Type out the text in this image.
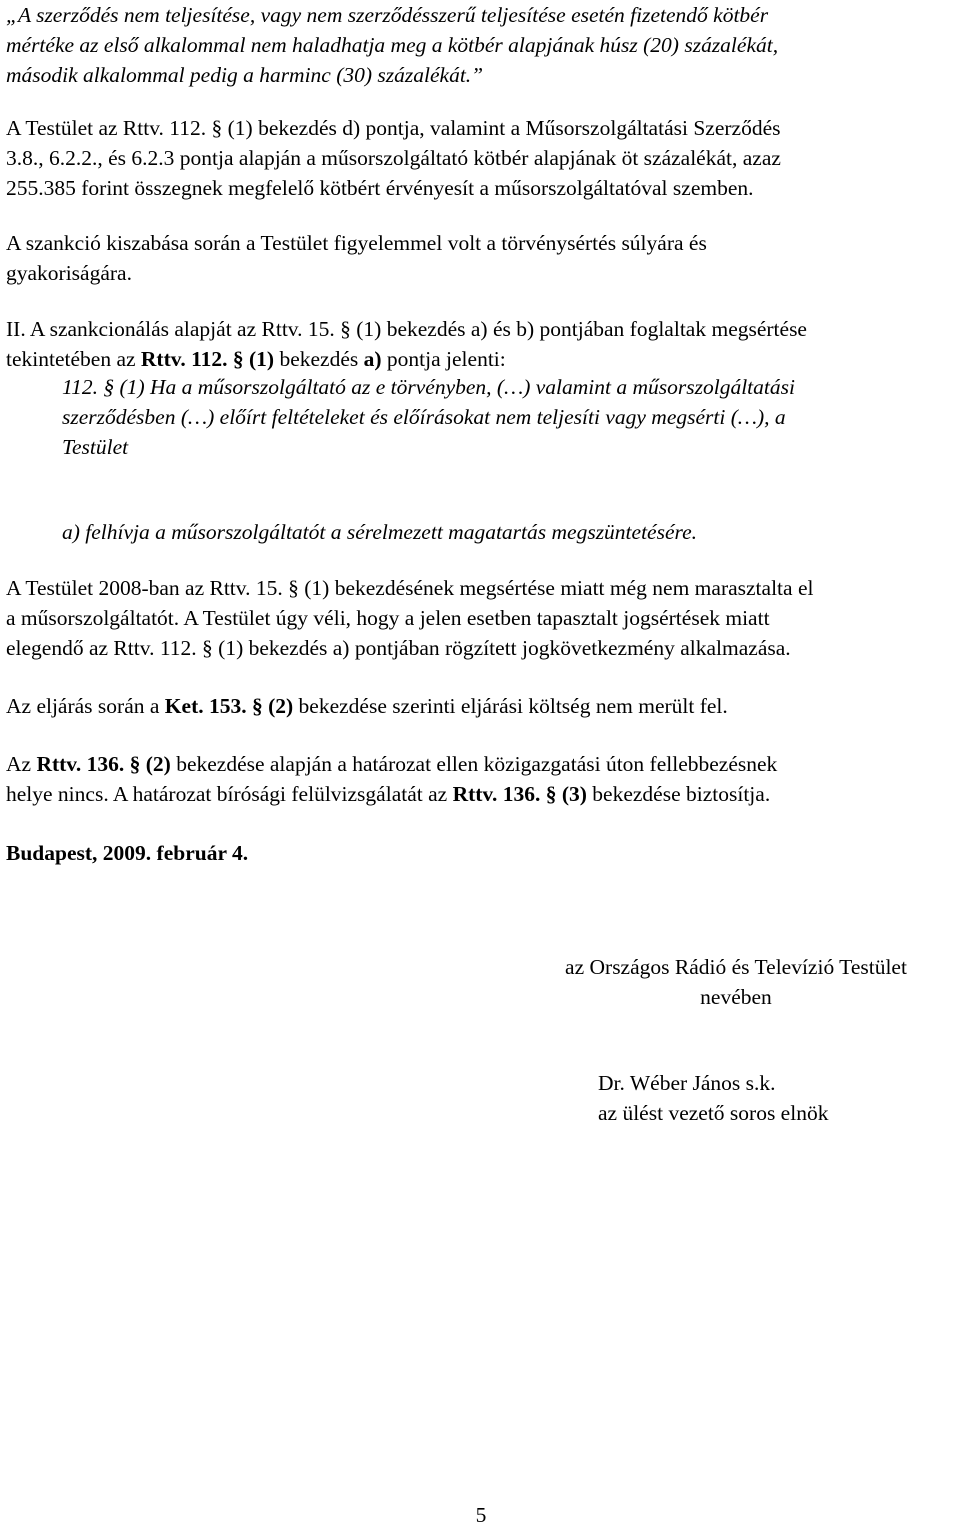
„A szerződés nem teljesítése, vagy nem szerződésszerű teljesítése esetén fizetendő kötbér
mértéke az első alkalommal nem haladhatja meg a kötbér alapjának húsz (20) százalékát,
második alkalommal pedig a harminc (30) százalékát.”

A Testület az Rttv. 112. § (1) bekezdés d) pontja, valamint a Műsorszolgáltatási Szerződés
3.8., 6.2.2., és 6.2.3 pontja alapján a műsorszolgáltató kötbér alapjának öt százalékát, azaz
255.385 forint összegnek megfelelő kötbért érvényesít a műsorszolgáltatóval szemben.

A szankció kiszabása során a Testület figyelemmel volt a törvénysértés súlyára és
gyakoriságára.

II. A szankcionálás alapját az Rttv. 15. § (1) bekezdés a) és b) pontjában foglaltak megsértése
tekintetében az Rttv. 112. § (1) bekezdés a) pontja jelenti:

112. § (1) Ha a műsorszolgáltató az e törvényben, (…) valamint a műsorszolgáltatási
szerződésben (…) előírt feltételeket és előírásokat nem teljesíti vagy megsérti (…), a
Testület

a) felhívja a műsorszolgáltatót a sérelmezett magatartás megszüntetésére.

A Testület 2008-ban az Rttv. 15. § (1) bekezdésének megsértése miatt még nem marasztalta el
a műsorszolgáltatót. A Testület úgy véli, hogy a jelen esetben tapasztalt jogsértések miatt
elegendő az Rttv. 112. § (1) bekezdés a) pontjában rögzített jogkövetkezmény alkalmazása.

Az eljárás során a Ket. 153. § (2) bekezdése szerinti eljárási költség nem merült fel.

Az Rttv. 136. § (2) bekezdése alapján a határozat ellen közigazgatási úton fellebbezésnek
helye nincs. A határozat bírósági felülvizsgálatát az Rttv. 136. § (3) bekezdése biztosítja.

Budapest, 2009. február 4.

az Országos Rádió és Televízió Testület
nevében

Dr. Wéber János s.k.
az ülést vezető soros elnök

5
